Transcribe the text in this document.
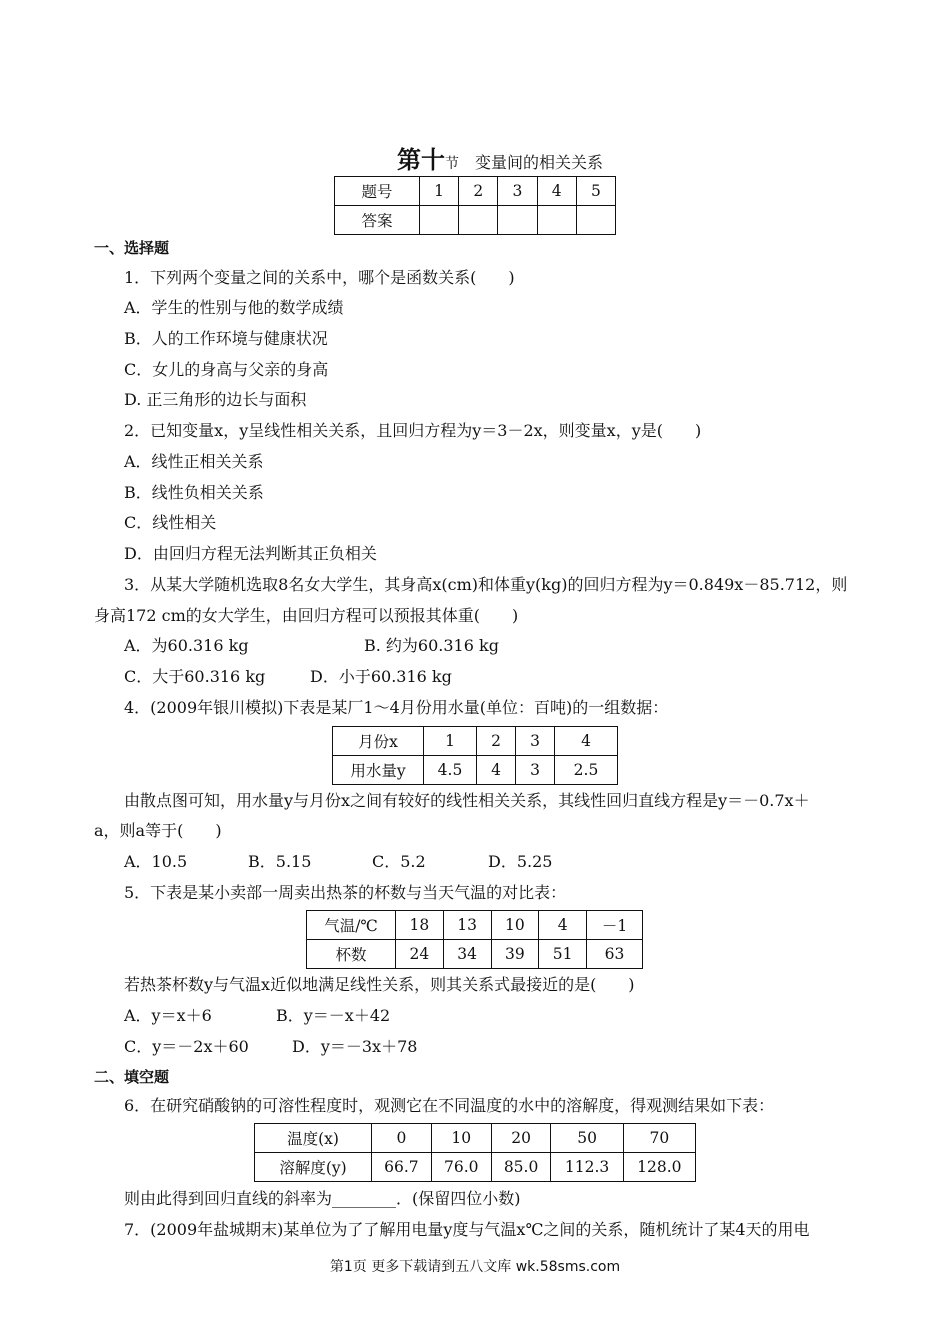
第十节 变量间的相关关系
题号	1	2	3	4	5
答案					
一、选择题
1．下列两个变量之间的关系中，哪个是函数关系(　　)
A．学生的性别与他的数学成绩
B．人的工作环境与健康状况
C．女儿的身高与父亲的身高
D. 正三角形的边长与面积
2．已知变量x，y呈线性相关关系，且回归方程为y＝3－2x，则变量x，y是(　　)
A．线性正相关关系
B．线性负相关关系
C．线性相关
D．由回归方程无法判断其正负相关
3．从某大学随机选取8名女大学生，其身高x(cm)和体重y(kg)的回归方程为y＝0.849x－85.712，则
身高172 cm的女大学生，由回归方程可以预报其体重(　　)
A．为60.316 kg	B. 约为60.316 kg
C．大于60.316 kg	D．小于60.316 kg
4．(2009年银川模拟)下表是某厂1～4月份用水量(单位：百吨)的一组数据：
月份x	1	2	3	4
用水量y	4.5	4	3	2.5
由散点图可知，用水量y与月份x之间有较好的线性相关关系，其线性回归直线方程是y＝－0.7x＋
a，则a等于(　　)
A．10.5	B．5.15	C．5.2	D．5.25
5．下表是某小卖部一周卖出热茶的杯数与当天气温的对比表：
气温/℃	18	13	10	4	－1
杯数	24	34	39	51	63
若热茶杯数y与气温x近似地满足线性关系，则其关系式最接近的是(　　)
A．y＝x＋6	B．y＝－x＋42
C．y＝－2x＋60	D．y＝－3x＋78
二、填空题
6．在研究硝酸钠的可溶性程度时，观测它在不同温度的水中的溶解度，得观测结果如下表：
温度(x)	0	10	20	50	70
溶解度(y)	66.7	76.0	85.0	112.3	128.0
则由此得到回归直线的斜率为________．(保留四位小数)
7．(2009年盐城期末)某单位为了了解用电量y度与气温x℃之间的关系，随机统计了某4天的用电
第1页 更多下载请到五八文库 wk.58sms.com
